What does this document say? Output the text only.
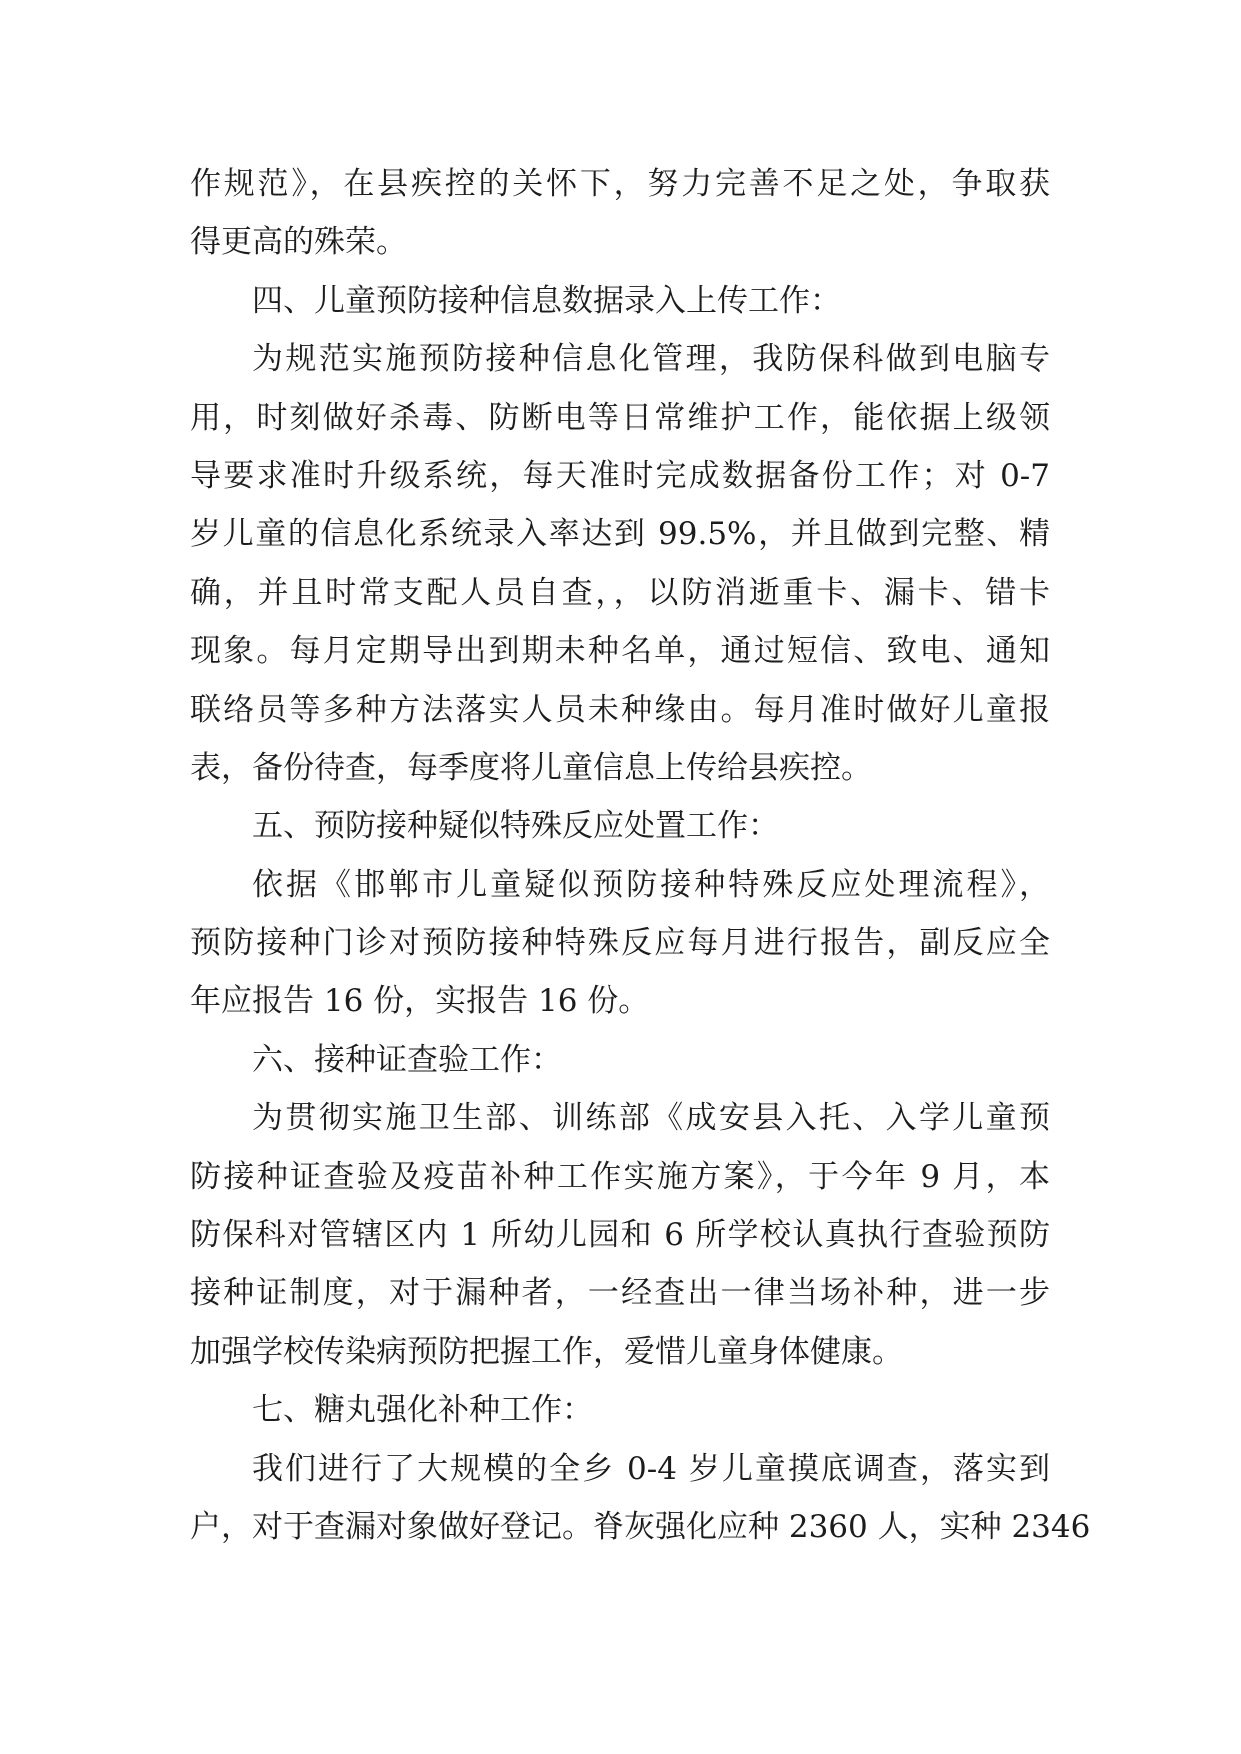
作规范》，在县疾控的关怀下，努力完善不足之处，争取获
得更高的殊荣。
四、儿童预防接种信息数据录入上传工作：
为规范实施预防接种信息化管理，我防保科做到电脑专
用，时刻做好杀毒、防断电等日常维护工作，能依据上级领
导要求准时升级系统，每天准时完成数据备份工作；对 0-7
岁儿童的信息化系统录入率达到 99.5%，并且做到完整、精
确，并且时常支配人员自查，，以防消逝重卡、漏卡、错卡
现象。每月定期导出到期未种名单，通过短信、致电、通知
联络员等多种方法落实人员未种缘由。每月准时做好儿童报
表，备份待查，每季度将儿童信息上传给县疾控。
五、预防接种疑似特殊反应处置工作：
依据《邯郸市儿童疑似预防接种特殊反应处理流程》，
预防接种门诊对预防接种特殊反应每月进行报告，副反应全
年应报告 16 份，实报告 16 份。
六、接种证查验工作：
为贯彻实施卫生部、训练部《成安县入托、入学儿童预
防接种证查验及疫苗补种工作实施方案》，于今年 9 月，本
防保科对管辖区内 1 所幼儿园和 6 所学校认真执行查验预防
接种证制度，对于漏种者，一经查出一律当场补种，进一步
加强学校传染病预防把握工作，爱惜儿童身体健康。
七、糖丸强化补种工作：
我们进行了大规模的全乡 0-4 岁儿童摸底调查，落实到
户，对于查漏对象做好登记。脊灰强化应种 2360 人，实种 2346
